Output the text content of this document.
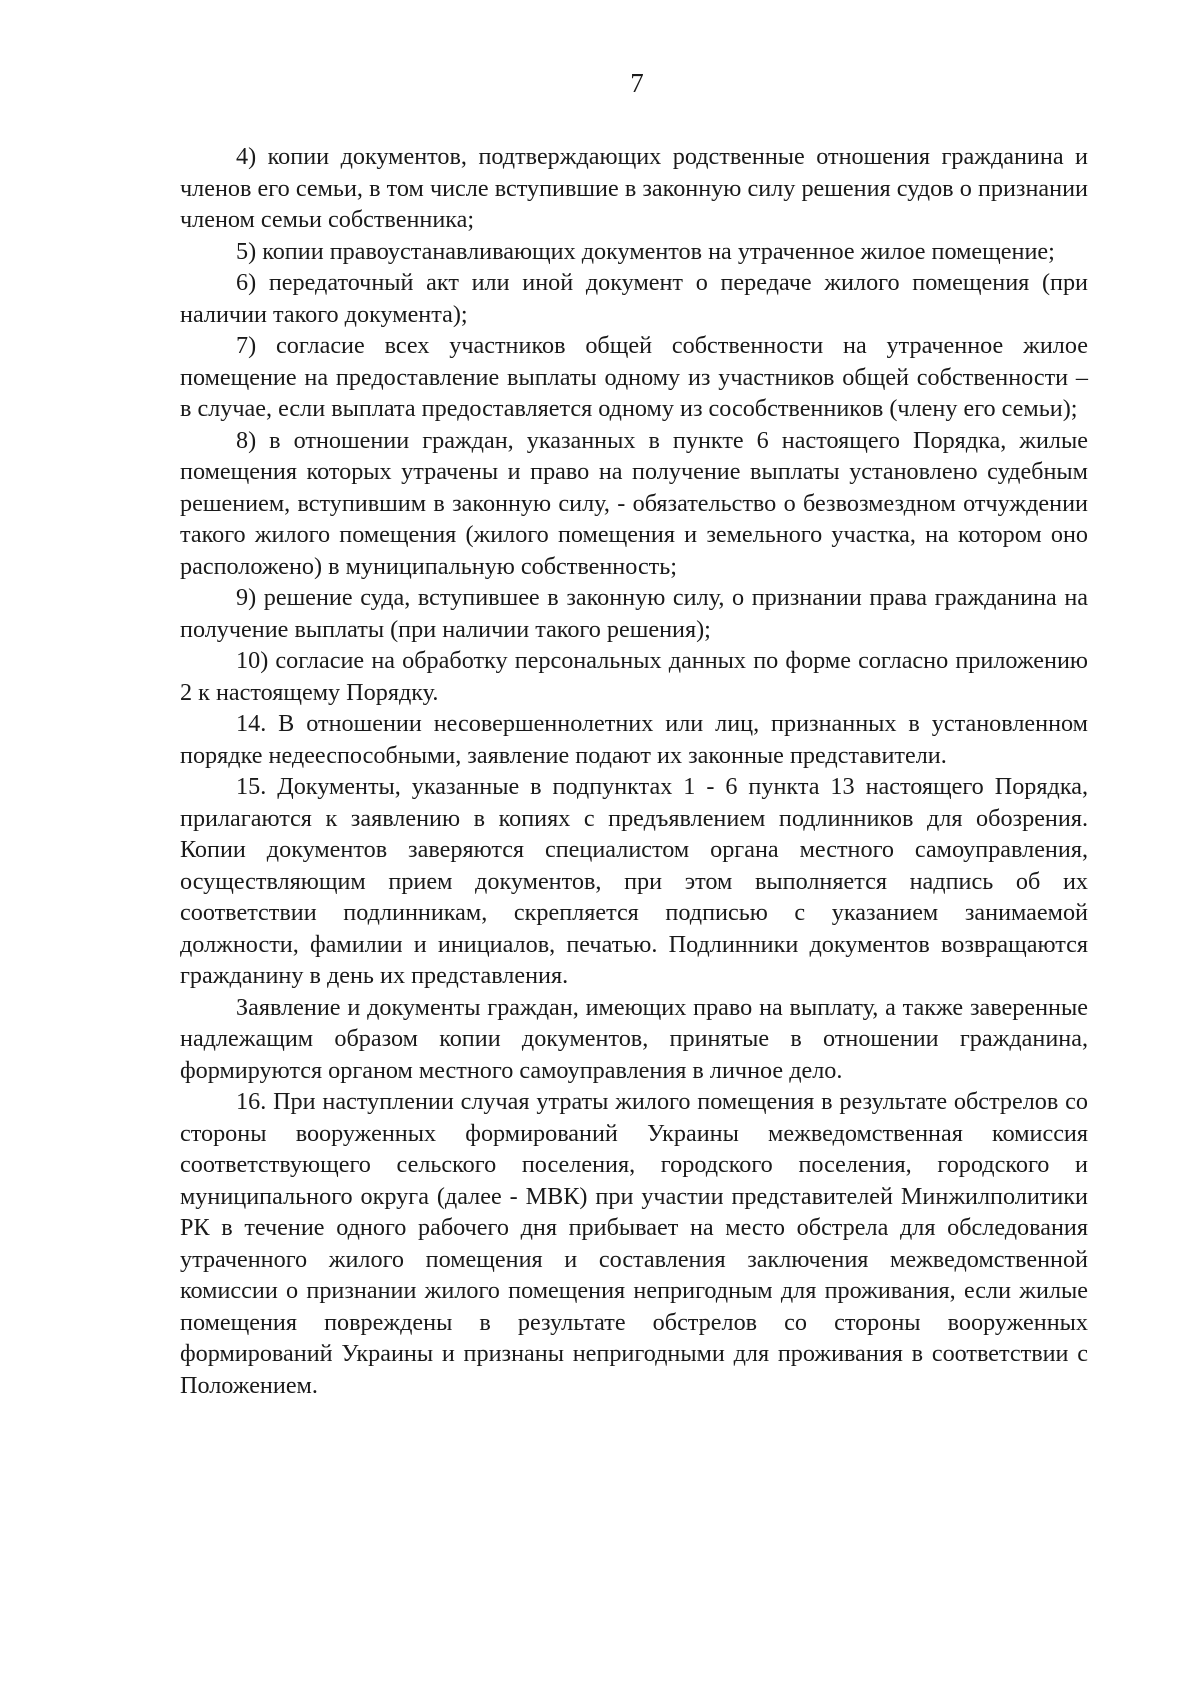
7

4) копии документов, подтверждающих родственные отношения гражданина и членов его семьи, в том числе вступившие в законную силу решения судов о признании членом семьи собственника;

5) копии правоустанавливающих документов на утраченное жилое помещение;

6) передаточный акт или иной документ о передаче жилого помещения (при наличии такого документа);

7) согласие всех участников общей собственности на утраченное жилое помещение на предоставление выплаты одному из участников общей собственности – в случае, если выплата предоставляется одному из сособственников (члену его семьи);

8) в отношении граждан, указанных в пункте 6 настоящего Порядка, жилые помещения которых утрачены и право на получение выплаты установлено судебным решением, вступившим в законную силу, - обязательство о безвозмездном отчуждении такого жилого помещения (жилого помещения и земельного участка, на котором оно расположено) в муниципальную собственность;

9) решение суда, вступившее в законную силу, о признании права гражданина на получение выплаты (при наличии такого решения);

10) согласие на обработку персональных данных по форме согласно приложению 2 к настоящему Порядку.

14. В отношении несовершеннолетних или лиц, признанных в установленном порядке недееспособными, заявление подают их законные представители.

15. Документы, указанные в подпунктах 1 - 6 пункта 13 настоящего Порядка, прилагаются к заявлению в копиях с предъявлением подлинников для обозрения. Копии документов заверяются специалистом органа местного самоуправления, осуществляющим прием документов, при этом выполняется надпись об их соответствии подлинникам, скрепляется подписью с указанием занимаемой должности, фамилии и инициалов, печатью. Подлинники документов возвращаются гражданину в день их представления.

Заявление и документы граждан, имеющих право на выплату, а также заверенные надлежащим образом копии документов, принятые в отношении гражданина, формируются органом местного самоуправления в личное дело.

16. При наступлении случая утраты жилого помещения в результате обстрелов со стороны вооруженных формирований Украины межведомственная комиссия соответствующего сельского поселения, городского поселения, городского и муниципального округа (далее - МВК) при участии представителей Минжилполитики РК в течение одного рабочего дня прибывает на место обстрела для обследования утраченного жилого помещения и составления заключения межведомственной комиссии о признании жилого помещения непригодным для проживания, если жилые помещения повреждены в результате обстрелов со стороны вооруженных формирований Украины и признаны непригодными для проживания в соответствии с Положением.
